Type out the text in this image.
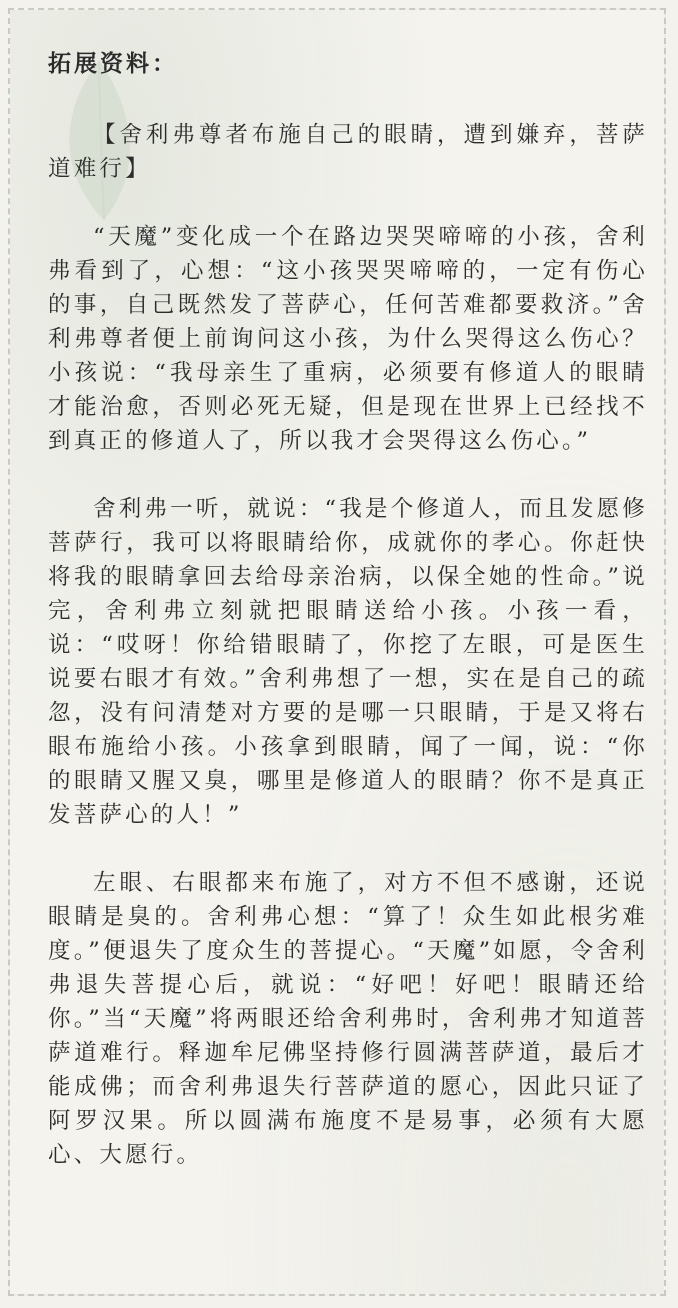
拓展资料：

【舍利弗尊者布施自己的眼睛，遭到嫌弃，菩萨道难行】

“天魔”变化成一个在路边哭哭啼啼的小孩，舍利弗看到了，心想：“这小孩哭哭啼啼的，一定有伤心的事，自己既然发了菩萨心，任何苦难都要救济。”舍利弗尊者便上前询问这小孩，为什么哭得这么伤心？小孩说：“我母亲生了重病，必须要有修道人的眼睛才能治愈，否则必死无疑，但是现在世界上已经找不到真正的修道人了，所以我才会哭得这么伤心。”

舍利弗一听，就说：“我是个修道人，而且发愿修菩萨行，我可以将眼睛给你，成就你的孝心。你赶快将我的眼睛拿回去给母亲治病，以保全她的性命。”说完，舍利弗立刻就把眼睛送给小孩。小孩一看，说：“哎呀！你给错眼睛了，你挖了左眼，可是医生说要右眼才有效。”舍利弗想了一想，实在是自己的疏忽，没有问清楚对方要的是哪一只眼睛，于是又将右眼布施给小孩。小孩拿到眼睛，闻了一闻，说：“你的眼睛又腥又臭，哪里是修道人的眼睛？你不是真正发菩萨心的人！”

左眼、右眼都来布施了，对方不但不感谢，还说眼睛是臭的。舍利弗心想：“算了！众生如此根劣难度。”便退失了度众生的菩提心。“天魔”如愿，令舍利弗退失菩提心后，就说：“好吧！好吧！眼睛还给你。”当“天魔”将两眼还给舍利弗时，舍利弗才知道菩萨道难行。释迦牟尼佛坚持修行圆满菩萨道，最后才能成佛；而舍利弗退失行菩萨道的愿心，因此只证了阿罗汉果。所以圆满布施度不是易事，必须有大愿心、大愿行。
